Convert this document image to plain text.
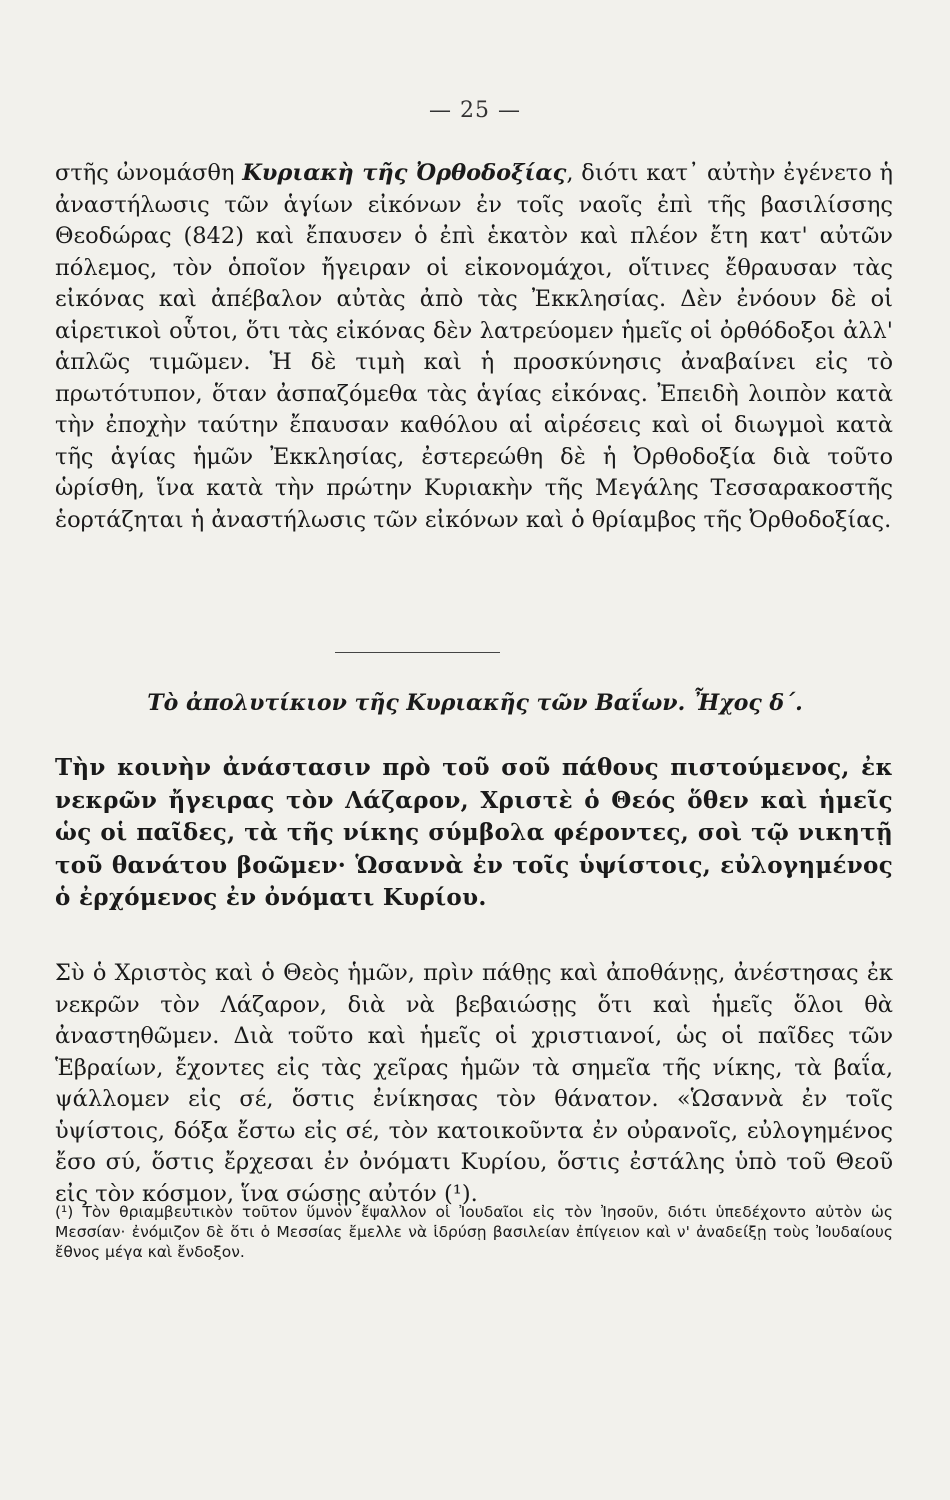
— 25 —

στῆς ὠνομάσθη Κυριακὴ τῆς Ὀρθοδοξίας, διότι κατ᾽ αὐτὴν ἐγένετο ἡ ἀναστήλωσις τῶν ἁγίων εἰκόνων ἐν τοῖς ναοῖς ἐπὶ τῆς βασιλίσσης Θεοδώρας (842) καὶ ἔπαυσεν ὁ ἐπὶ ἑκατὸν καὶ πλέον ἔτη κατ' αὐτῶν πόλεμος, τὸν ὁποῖον ἤγειραν οἱ εἰκονομάχοι, οἵτινες ἔθραυσαν τὰς εἰκόνας καὶ ἀπέβαλον αὐτὰς ἀπὸ τὰς Ἐκκλησίας. Δὲν ἐνόουν δὲ οἱ αἱρετικοὶ οὗτοι, ὅτι τὰς εἰκόνας δὲν λατρεύομεν ἡμεῖς οἱ ὀρθόδοξοι ἀλλ' ἁπλῶς τιμῶμεν. Ἡ δὲ τιμὴ καὶ ἡ προσκύνησις ἀναβαίνει εἰς τὸ πρωτότυπον, ὅταν ἀσπαζόμεθα τὰς ἁγίας εἰκόνας. Ἐπειδὴ λοιπὸν κατὰ τὴν ἐποχὴν ταύτην ἔπαυσαν καθόλου αἱ αἱρέσεις καὶ οἱ διωγμοὶ κατὰ τῆς ἁγίας ἡμῶν Ἐκκλησίας, ἐστερεώθη δὲ ἡ Ὀρθοδοξία διὰ τοῦτο ὡρίσθη, ἵνα κατὰ τὴν πρώτην Κυριακὴν τῆς Μεγάλης Τεσσαρακοστῆς ἑορτάζηται ἡ ἀναστήλωσις τῶν εἰκόνων καὶ ὁ θρίαμβος τῆς Ὀρθοδοξίας.

Τὸ ἀπολυτίκιον τῆς Κυριακῆς τῶν Βαΐων. Ἦχος δ΄.

Τὴν κοινὴν ἀνάστασιν πρὸ τοῦ σοῦ πάθους πιστούμενος, ἐκ νεκρῶν ἤγειρας τὸν Λάζαρον, Χριστὲ ὁ Θεός ὅθεν καὶ ἡμεῖς ὡς οἱ παῖδες, τὰ τῆς νίκης σύμβολα φέροντες, σοὶ τῷ νικητῇ τοῦ θανάτου βοῶμεν· Ὡσαννὰ ἐν τοῖς ὑψίστοις, εὐλογημένος ὁ ἐρχόμενος ἐν ὀνόματι Κυρίου.

Σὺ ὁ Χριστὸς καὶ ὁ Θεὸς ἡμῶν, πρὶν πάθῃς καὶ ἀποθάνῃς, ἀνέστησας ἐκ νεκρῶν τὸν Λάζαρον, διὰ νὰ βεβαιώσῃς ὅτι καὶ ἡμεῖς ὅλοι θὰ ἀναστηθῶμεν. Διὰ τοῦτο καὶ ἡμεῖς οἱ χριστιανοί, ὡς οἱ παῖδες τῶν Ἑβραίων, ἔχοντες εἰς τὰς χεῖρας ἡμῶν τὰ σημεῖα τῆς νίκης, τὰ βαΐα, ψάλλομεν εἰς σέ, ὅστις ἐνίκησας τὸν θάνατον. «Ὡσαννὰ ἐν τοῖς ὑψίστοις, δόξα ἔστω εἰς σέ, τὸν κατοικοῦντα ἐν οὐρανοῖς, εὐλογημένος ἔσο σύ, ὅστις ἔρχεσαι ἐν ὀνόματι Κυρίου, ὅστις ἐστάλης ὑπὸ τοῦ Θεοῦ εἰς τὸν κόσμον, ἵνα σώσῃς αὐτόν (¹).

(¹) Τὸν θριαμβευτικὸν τοῦτον ὕμνον ἔψαλλον οἱ Ἰουδαῖοι εἰς τὸν Ἰησοῦν, διότι ὑπεδέχοντο αὐτὸν ὡς Μεσσίαν· ἐνόμιζον δὲ ὅτι ὁ Μεσσίας ἔμελλε νὰ ἱδρύσῃ βασιλείαν ἐπίγειον καὶ ν' ἀναδείξῃ τοὺς Ἰουδαίους ἔθνος μέγα καὶ ἔνδοξον.
